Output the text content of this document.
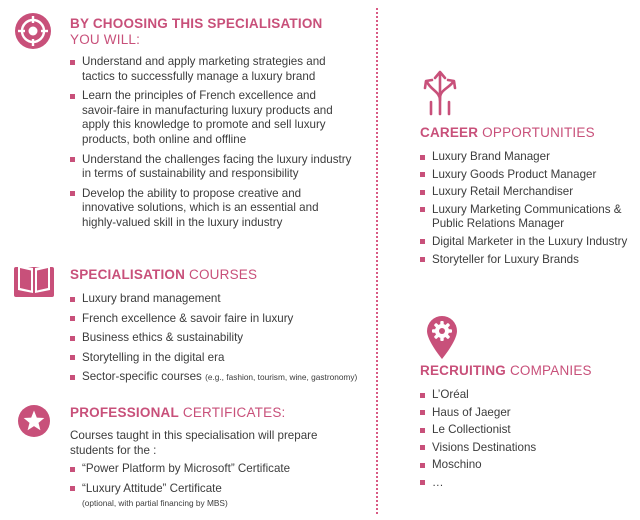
BY CHOOSING THIS SPECIALISATION
YOU WILL:
Understand and apply marketing strategies and tactics to successfully manage a luxury brand
Learn the principles of French excellence and savoir-faire in manufacturing luxury products and apply this knowledge to promote and sell luxury products, both online and offline
Understand the challenges facing the luxury industry in terms of sustainability and responsibility
Develop the ability to propose creative and innovative solutions, which is an essential and highly-valued skill in the luxury industry
SPECIALISATION COURSES
Luxury brand management
French excellence & savoir faire in luxury
Business ethics & sustainability
Storytelling in the digital era
Sector-specific courses (e.g., fashion, tourism, wine, gastronomy)
PROFESSIONAL CERTIFICATES:

Courses taught in this specialisation will prepare students for the :

“Power Platform by Microsoft” Certificate
“Luxury Attitude” Certificate
(optional, with partial financing by MBS)
CAREER OPPORTUNITIES
Luxury Brand Manager
Luxury Goods Product Manager
Luxury Retail Merchandiser
Luxury Marketing Communications & Public Relations Manager
Digital Marketer in the Luxury Industry
Storyteller for Luxury Brands
RECRUITING COMPANIES
L’Oréal
Haus of Jaeger
Le Collectionist
Visions Destinations
Moschino
…
